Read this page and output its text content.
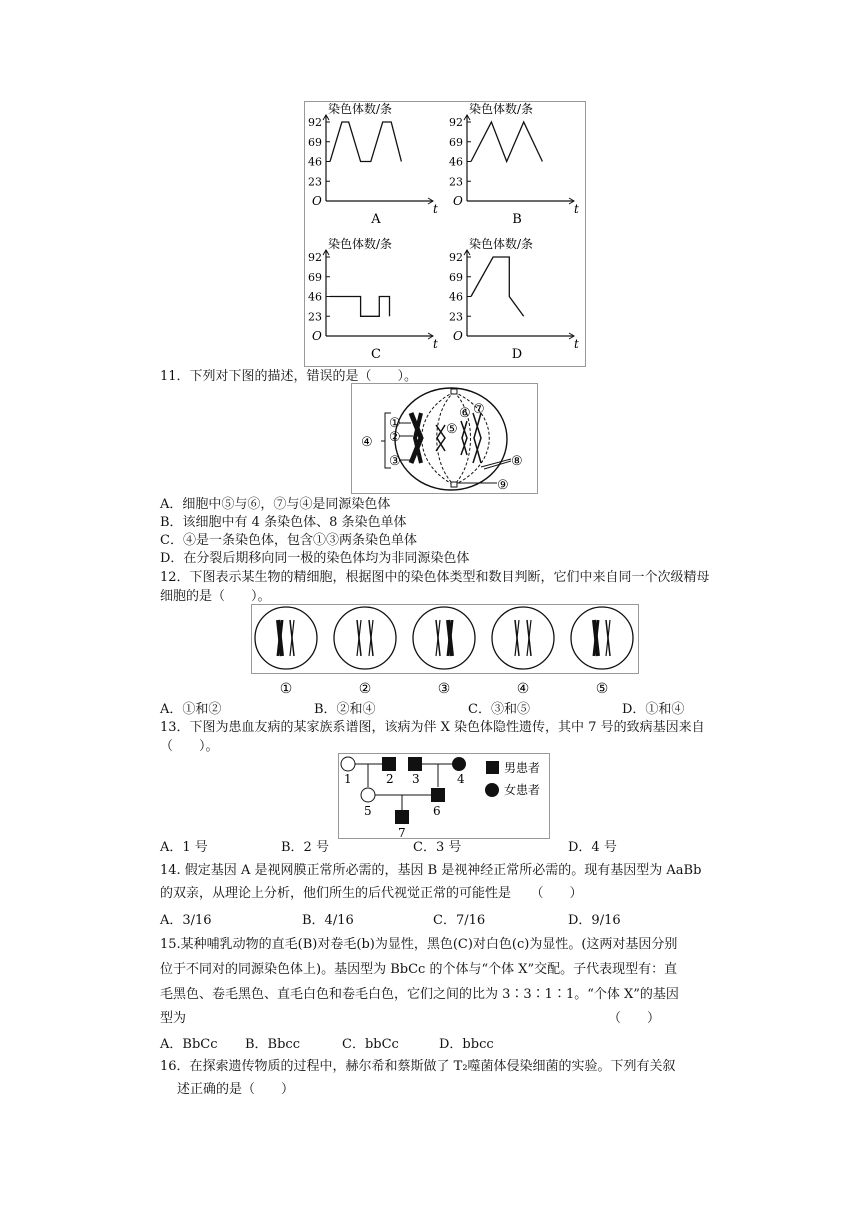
染色体数/条
92
69
46
23
O
t
A
染色体数/条
92
69
46
23
O
t
B
染色体数/条
92
69
46
23
O
t
C
染色体数/条
92
69
46
23
O
t
D
11．下列对下图的描述，错误的是（　　）。
①
②
③
④
⑤
⑥ ⑦
⑧
⑨
A．细胞中⑤与⑥，⑦与④是同源染色体
B．该细胞中有 4 条染色体、8 条染色单体
C．④是一条染色体，包含①③两条染色单体
D．在分裂后期移向同一极的染色体均为非同源染色体
12．下图表示某生物的精细胞，根据图中的染色体类型和数目判断，它们中来自同一个次级精母
细胞的是（　　）。
①	②	③	④	⑤
A．①和②	B．②和④	C．③和⑤	D．①和④
13．下图为患血友病的某家族系谱图，该病为伴 X 染色体隐性遗传，其中 7 号的致病基因来自
（　　）。
1	2 3	4
5	6
7
男患者
女患者
A．1 号	B．2 号	C．3 号	D．4 号
14. 假定基因 A 是视网膜正常所必需的，基因 B 是视神经正常所必需的。现有基因型为 AaBb
的双亲，从理论上分析，他们所生的后代视觉正常的可能性是　　（　　）
A．3/16	B．4/16	C．7/16	D．9/16
15.某种哺乳动物的直毛(B)对卷毛(b)为显性，黑色(C)对白色(c)为显性。(这两对基因分别
位于不同对的同源染色体上)。基因型为 BbCc 的个体与“个体 X”交配。子代表现型有：直
毛黑色、卷毛黑色、直毛白色和卷毛白色，它们之间的比为 3∶3∶1∶1。“个体 X”的基因
型为	（　　）
A．BbCc B．Bbcc	C．bbCc	D．bbcc
16．在探索遗传物质的过程中，赫尔希和蔡斯做了 T₂噬菌体侵染细菌的实验。下列有关叙
述正确的是（　　）
